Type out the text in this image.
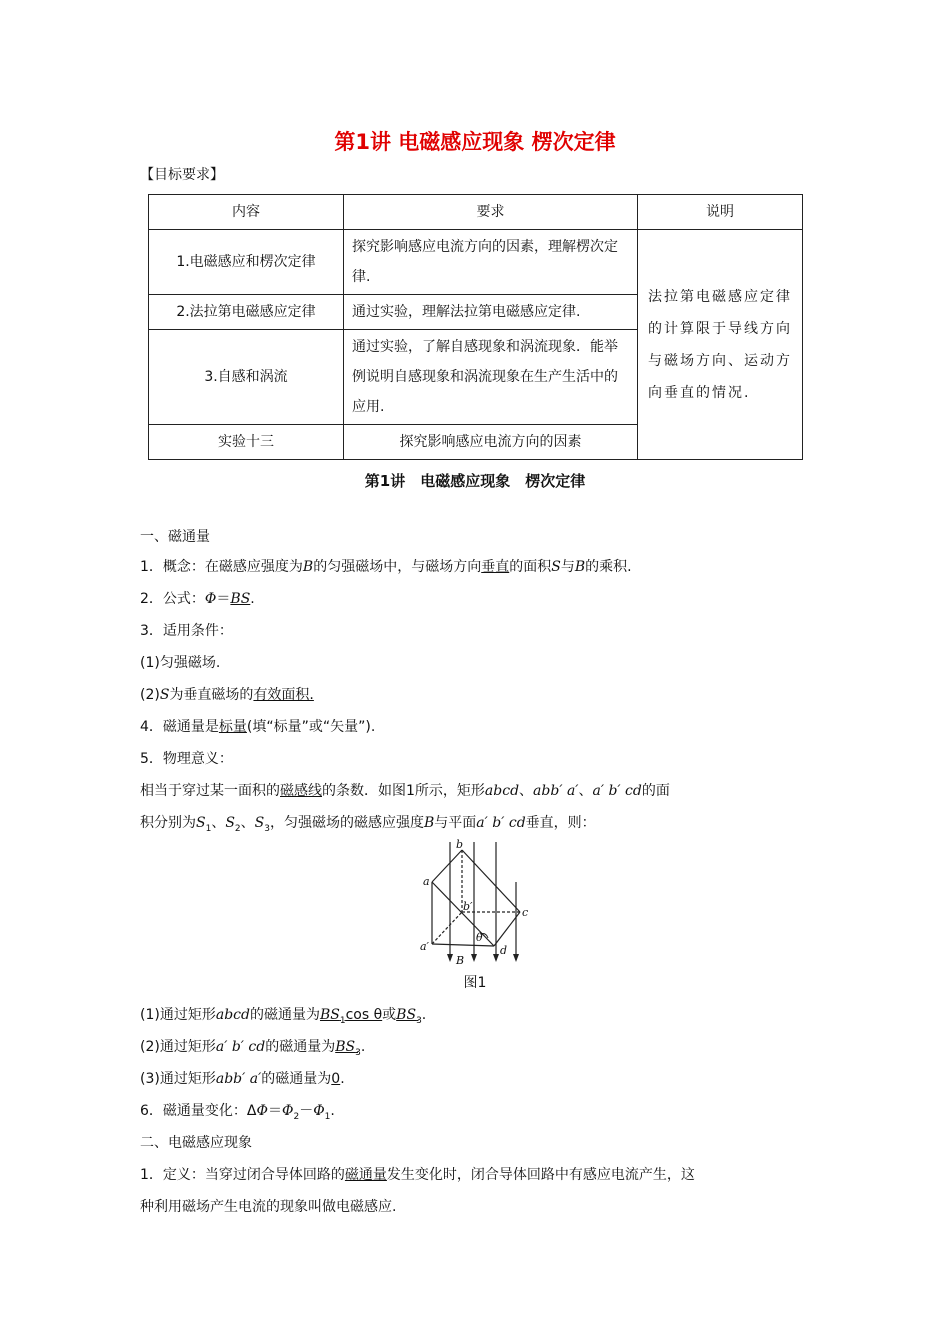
第1讲 电磁感应现象 楞次定律
【目标要求】
内容	要求	说明
1.电磁感应和楞次定律	探究影响感应电流方向的因素，理解楞次定律.	法拉第电磁感应定律的计算限于导线方向与磁场方向、运动方向垂直的情况.
2.法拉第电磁感应定律	通过实验，理解法拉第电磁感应定律.	
3.自感和涡流	通过实验，了解自感现象和涡流现象．能举例说明自感现象和涡流现象在生产生活中的应用.	
实验十三	探究影响感应电流方向的因素	
第1讲　电磁感应现象　楞次定律
一、磁通量
1．概念：在磁感应强度为B的匀强磁场中，与磁场方向垂直的面积S与B的乘积.
2．公式：Φ＝BS.
3．适用条件：
(1)匀强磁场.
(2)S为垂直磁场的有效面积.
4．磁通量是标量(填“标量”或“矢量”).
5．物理意义：
相当于穿过某一面积的磁感线的条数．如图1所示，矩形abcd、abb′ a′、a′ b′ cd的面
积分别为$S_1$、$S_2$、$S_3$，匀强磁场的磁感应强度B与平面a′ b′ cd垂直，则：
a
b
b′	c
a′	d
B
θ
图1
(1)通过矩形abcd的磁通量为$BS_1\cos$ θ或$BS_3$.
(2)通过矩形a′ b′ cd的磁通量为$BS_3$.
(3)通过矩形abb′ a′的磁通量为0.
6．磁通量变化：$\Delta\Phi=\Phi_2-\Phi_1$.
二、电磁感应现象
1．定义：当穿过闭合导体回路的磁通量发生变化时，闭合导体回路中有感应电流产生，这
种利用磁场产生电流的现象叫做电磁感应.
